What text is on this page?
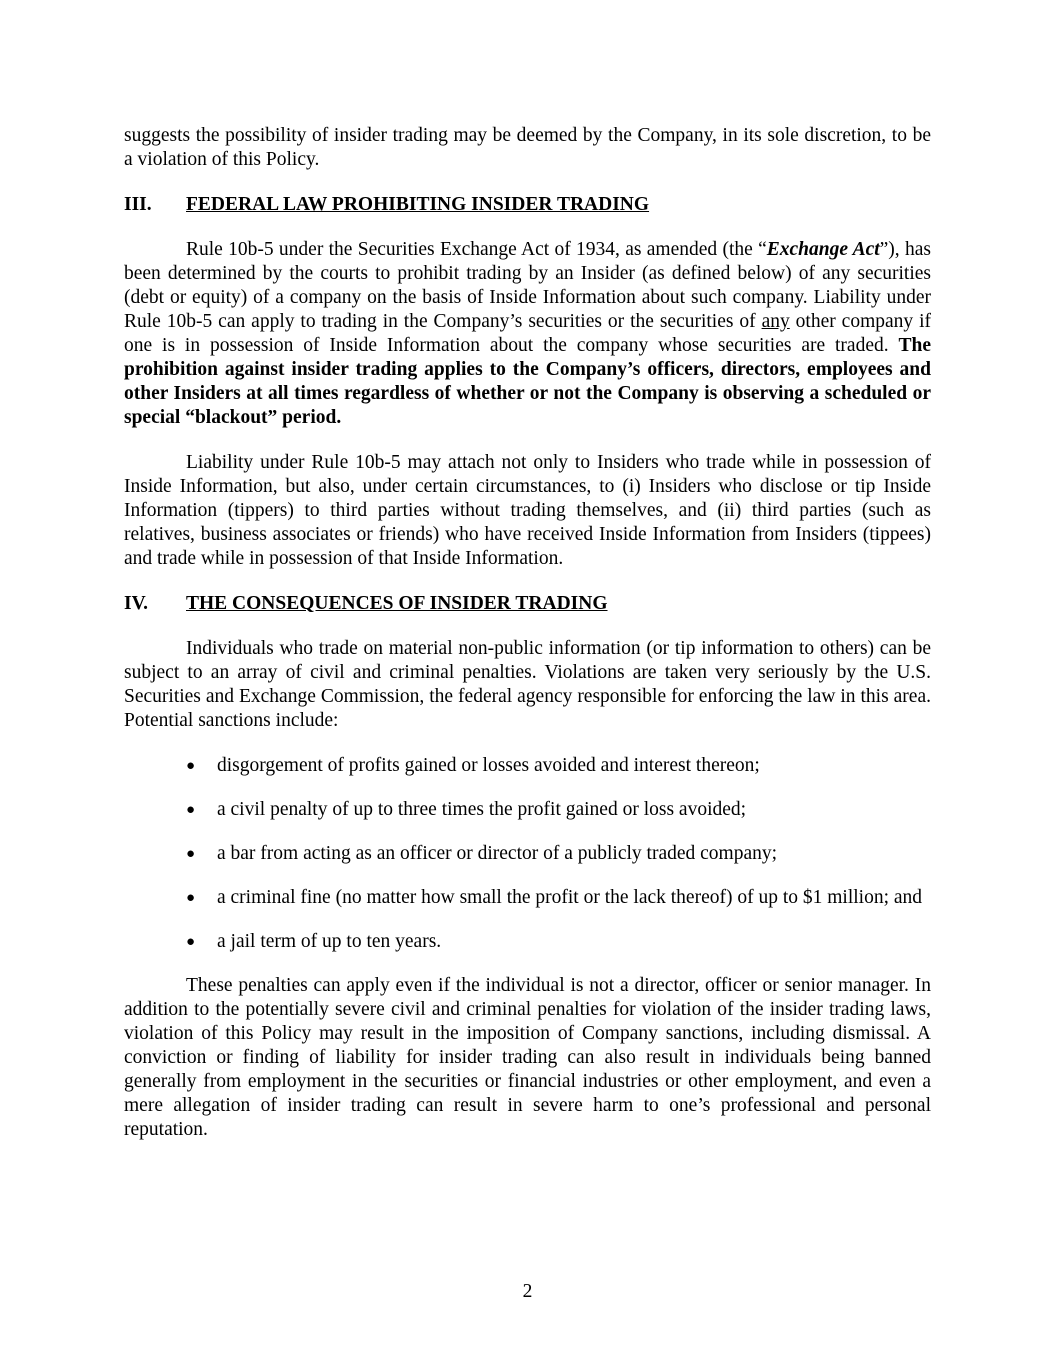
suggests the possibility of insider trading may be deemed by the Company, in its sole discretion, to be a violation of this Policy.

III.	FEDERAL LAW PROHIBITING INSIDER TRADING

Rule 10b-5 under the Securities Exchange Act of 1934, as amended (the “Exchange Act”), has been determined by the courts to prohibit trading by an Insider (as defined below) of any securities (debt or equity) of a company on the basis of Inside Information about such company. Liability under Rule 10b-5 can apply to trading in the Company’s securities or the securities of any other company if one is in possession of Inside Information about the company whose securities are traded. The prohibition against insider trading applies to the Company’s officers, directors, employees and other Insiders at all times regardless of whether or not the Company is observing a scheduled or special “blackout” period.

Liability under Rule 10b-5 may attach not only to Insiders who trade while in possession of Inside Information, but also, under certain circumstances, to (i) Insiders who disclose or tip Inside Information (tippers) to third parties without trading themselves, and (ii) third parties (such as relatives, business associates or friends) who have received Inside Information from Insiders (tippees) and trade while in possession of that Inside Information.

IV.	THE CONSEQUENCES OF INSIDER TRADING

Individuals who trade on material non-public information (or tip information to others) can be subject to an array of civil and criminal penalties. Violations are taken very seriously by the U.S. Securities and Exchange Commission, the federal agency responsible for enforcing the law in this area. Potential sanctions include:

●	disgorgement of profits gained or losses avoided and interest thereon;
●	a civil penalty of up to three times the profit gained or loss avoided;
●	a bar from acting as an officer or director of a publicly traded company;
●	a criminal fine (no matter how small the profit or the lack thereof) of up to $1 million; and
●	a jail term of up to ten years.

These penalties can apply even if the individual is not a director, officer or senior manager. In addition to the potentially severe civil and criminal penalties for violation of the insider trading laws, violation of this Policy may result in the imposition of Company sanctions, including dismissal. A conviction or finding of liability for insider trading can also result in individuals being banned generally from employment in the securities or financial industries or other employment, and even a mere allegation of insider trading can result in severe harm to one’s professional and personal reputation.

2
